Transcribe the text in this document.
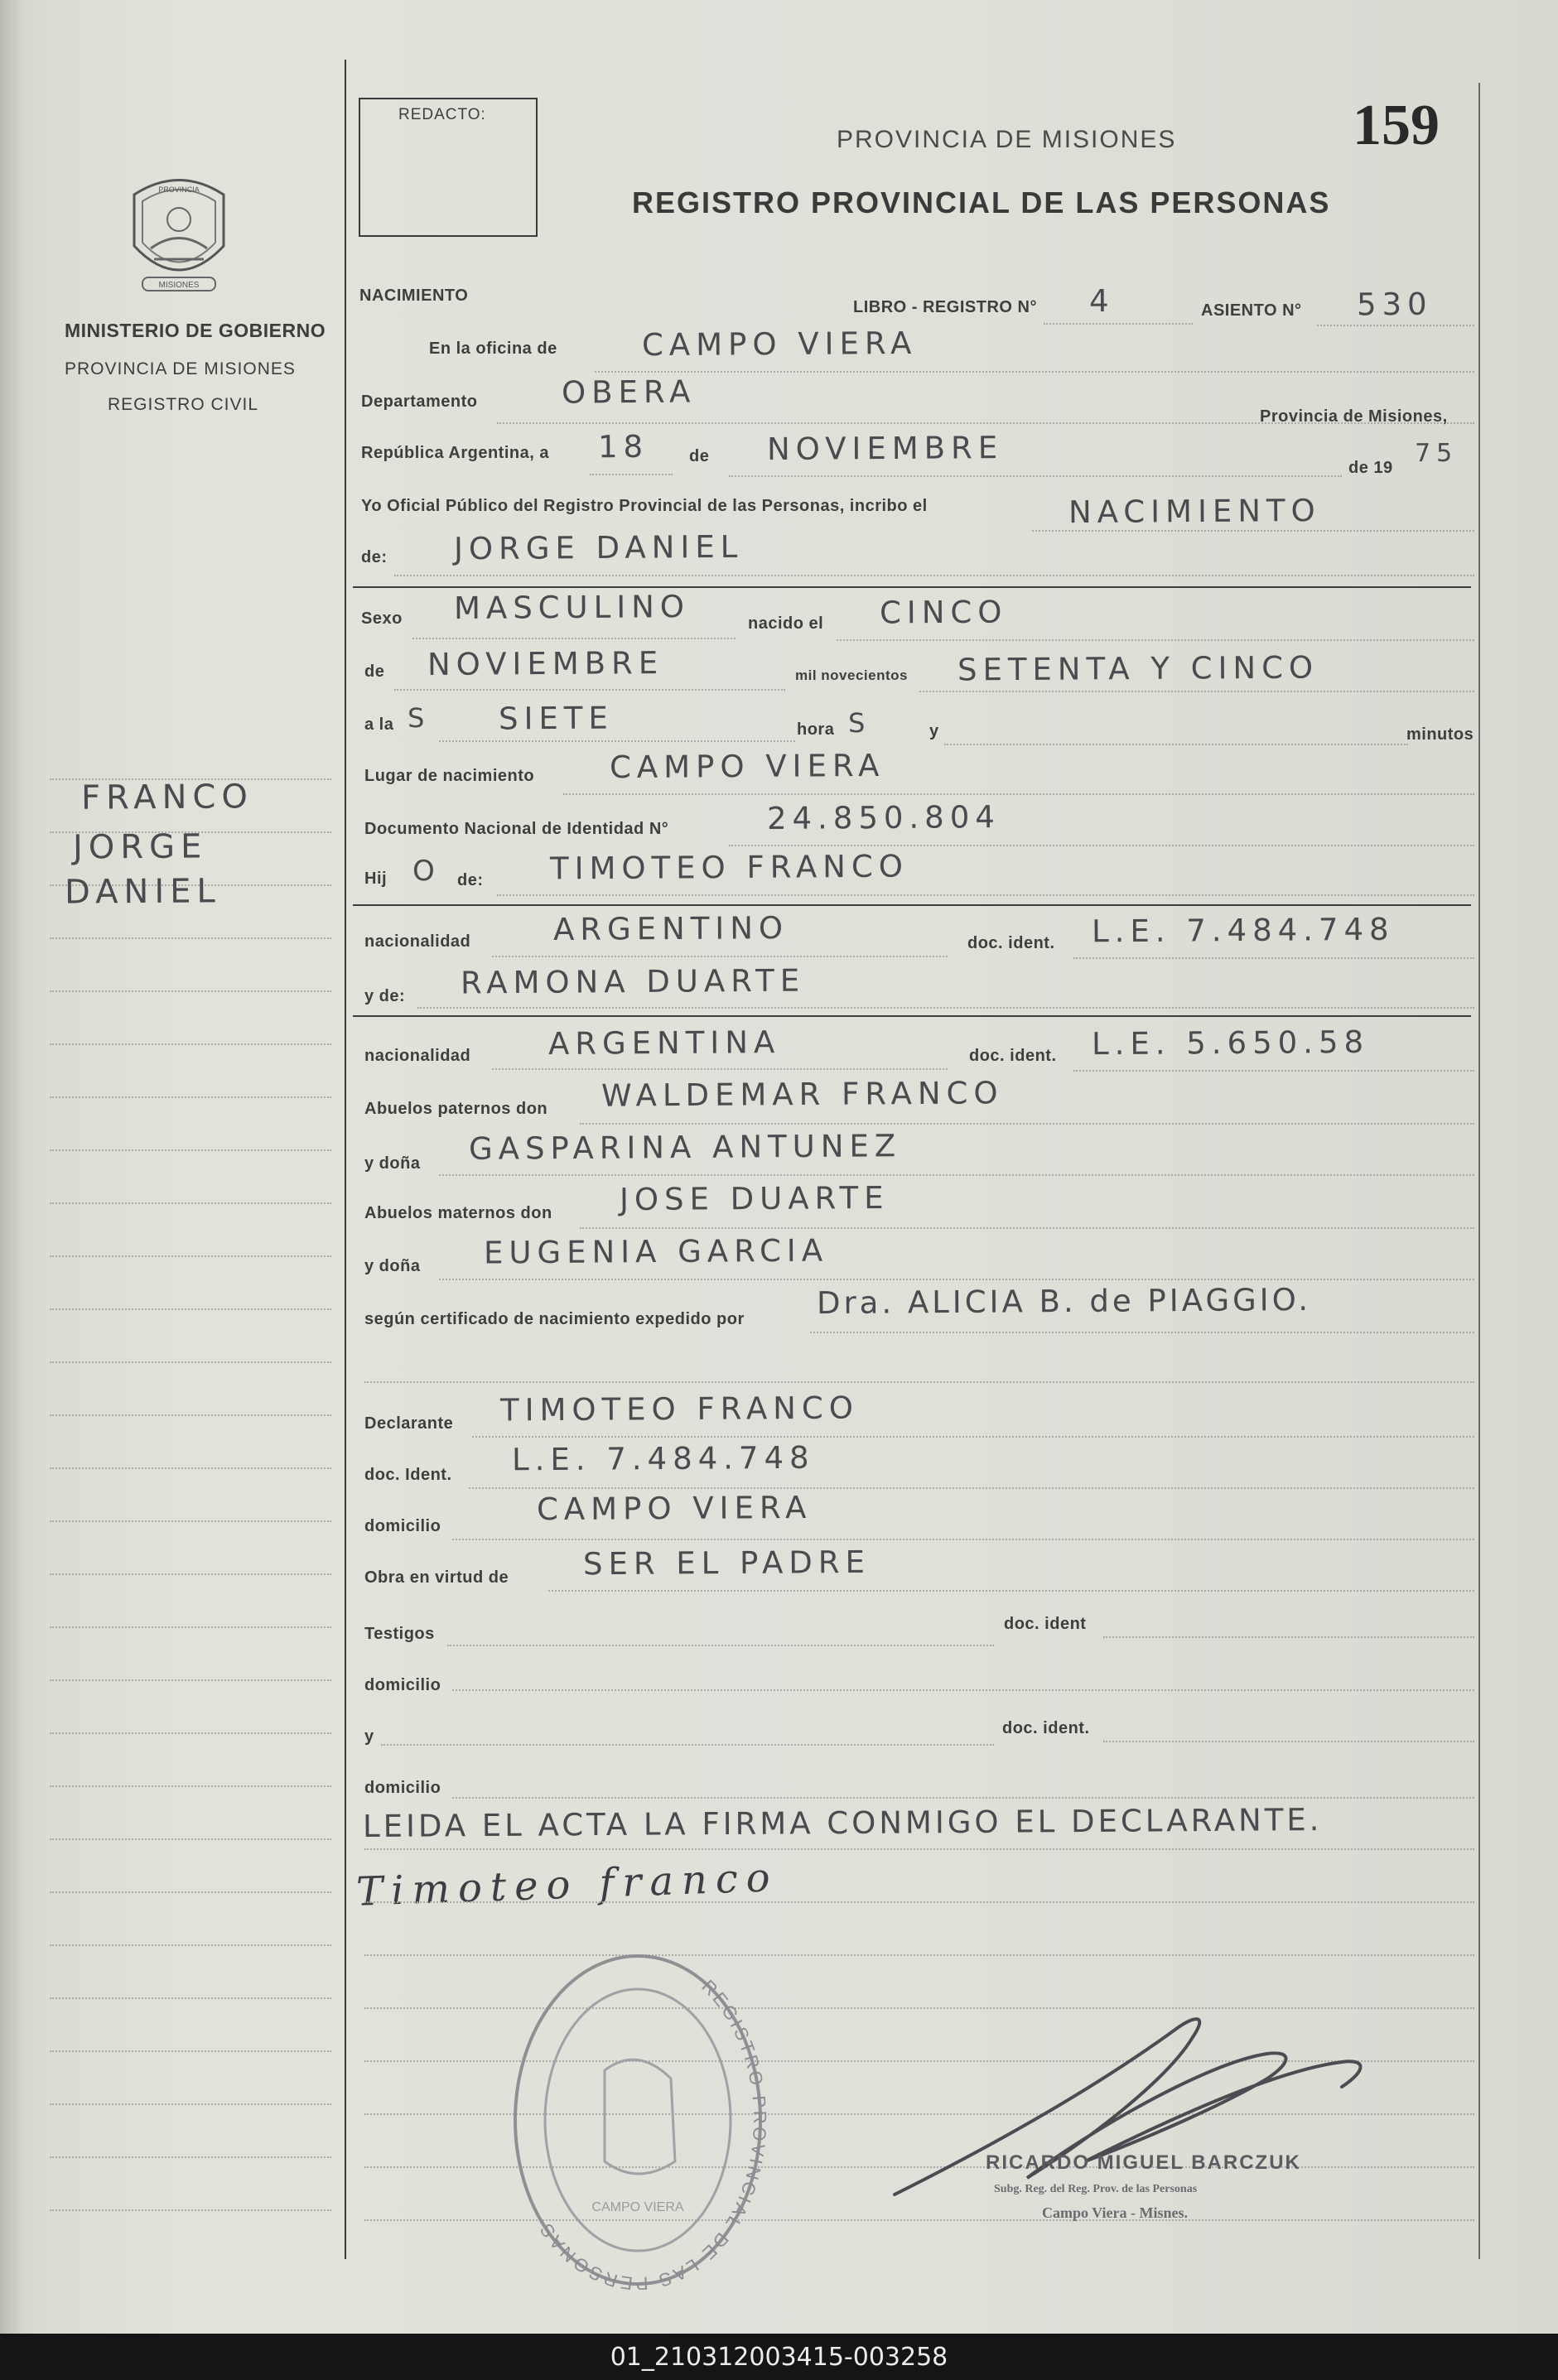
PROVINCIA
MISIONES
MINISTERIO DE GOBIERNO
PROVINCIA DE MISIONES
REGISTRO CIVIL
FRANCO
JORGE
DANIEL
REDACTO:
PROVINCIA DE MISIONES
REGISTRO PROVINCIAL DE LAS PERSONAS
159
NACIMIENTO
LIBRO - REGISTRO N° 4	ASIENTO N° 530
En la oficina de	CAMPO VIERA
Departamento	OBERA
Provincia de Misiones,
República Argentina, a 18 de NOVIEMBRE
de 19 75
Yo Oficial Público del Registro Provincial de las Personas, incribo el	NACIMIENTO
de: JORGE DANIEL
Sexo MASCULINO	nacido el CINCO
de NOVIEMBRE	mil novecientos SETENTA Y CINCO
a la S SIETE	hora S	y	minutos
Lugar de nacimiento CAMPO VIERA
Documento Nacional de Identidad N°	24.850.804
Hij O de: TIMOTEO FRANCO
nacionalidad	ARGENTINO	doc. ident. L.E. 7.484.748
y de: RAMONA DUARTE
nacionalidad	ARGENTINA	doc. ident. L.E. 5.650.58
Abuelos paternos don WALDEMAR FRANCO
y doña GASPARINA ANTUNEZ
Abuelos maternos don JOSE DUARTE
y doña EUGENIA GARCIA
según certificado de nacimiento expedido por Dra. ALICIA B. de PIAGGIO.
Declarante TIMOTEO FRANCO
doc. Ident. L.E. 7.484.748
domicilio	CAMPO VIERA
Obra en virtud de SER EL PADRE
Testigos
doc. ident
domicilio
y	doc. ident.
domicilio
LEIDA EL ACTA LA FIRMA CONMIGO EL DECLARANTE.
Timoteo franco
REGISTRO PROVINCIAL DE LAS PERSONAS
CAMPO VIERA
RICARDO MIGUEL BARCZUK
Subg. Reg. del Reg. Prov. de las Personas
Campo Viera - Misnes.
01_210312003415-003258
